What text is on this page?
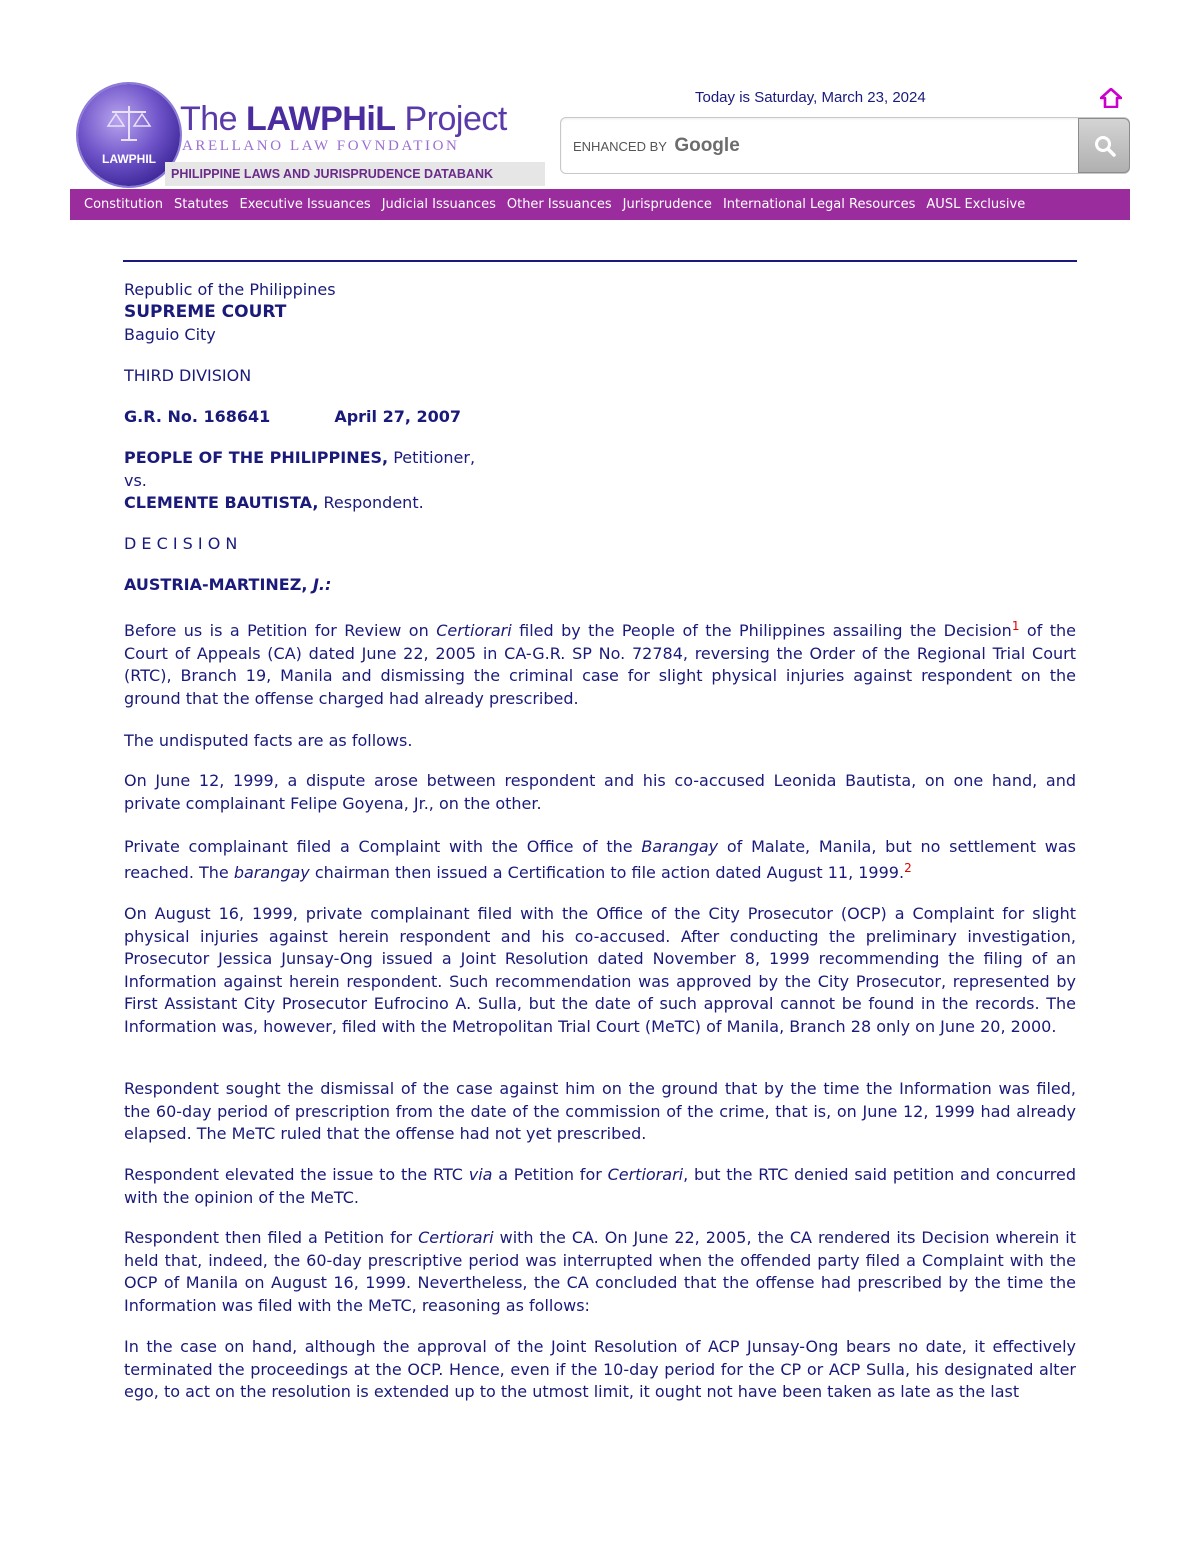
LAWPHIL
The LAWPHiL Project
ARELLANO LAW FOVNDATION
PHILIPPINE LAWS AND JURISPRUDENCE DATABANK
Today is Saturday, March 23, 2024
ENHANCED BY Google
Constitution Statutes Executive Issuances Judicial Issuances Other Issuances Jurisprudence International Legal Resources AUSL Exclusive
Republic of the Philippines
SUPREME COURT
Baguio City
THIRD DIVISION
G.R. No. 168641	April 27, 2007
PEOPLE OF THE PHILIPPINES, Petitioner,
vs.
CLEMENTE BAUTISTA, Respondent.
D E C I S I O N
AUSTRIA-MARTINEZ, J.:

Before us is a Petition for Review on Certiorari filed by the People of the Philippines assailing the Decision$^1$ of the Court of Appeals (CA) dated June 22, 2005 in CA-G.R. SP No. 72784, reversing the Order of the Regional Trial Court (RTC), Branch 19, Manila and dismissing the criminal case for slight physical injuries against respondent on the ground that the offense charged had already prescribed.

The undisputed facts are as follows.

On June 12, 1999, a dispute arose between respondent and his co-accused Leonida Bautista, on one hand, and private complainant Felipe Goyena, Jr., on the other.

Private complainant filed a Complaint with the Office of the Barangay of Malate, Manila, but no settlement was reached. The barangay chairman then issued a Certification to file action dated August 11, 1999.$^2$

On August 16, 1999, private complainant filed with the Office of the City Prosecutor (OCP) a Complaint for slight physical injuries against herein respondent and his co-accused. After conducting the preliminary investigation, Prosecutor Jessica Junsay-Ong issued a Joint Resolution dated November 8, 1999 recommending the filing of an Information against herein respondent. Such recommendation was approved by the City Prosecutor, represented by First Assistant City Prosecutor Eufrocino A. Sulla, but the date of such approval cannot be found in the records. The Information was, however, filed with the Metropolitan Trial Court (MeTC) of Manila, Branch 28 only on June 20, 2000.

Respondent sought the dismissal of the case against him on the ground that by the time the Information was filed, the 60-day period of prescription from the date of the commission of the crime, that is, on June 12, 1999 had already elapsed. The MeTC ruled that the offense had not yet prescribed.

Respondent elevated the issue to the RTC via a Petition for Certiorari, but the RTC denied said petition and concurred with the opinion of the MeTC.

Respondent then filed a Petition for Certiorari with the CA. On June 22, 2005, the CA rendered its Decision wherein it held that, indeed, the 60-day prescriptive period was interrupted when the offended party filed a Complaint with the OCP of Manila on August 16, 1999. Nevertheless, the CA concluded that the offense had prescribed by the time the Information was filed with the MeTC, reasoning as follows:

In the case on hand, although the approval of the Joint Resolution of ACP Junsay-Ong bears no date, it effectively terminated the proceedings at the OCP. Hence, even if the 10-day period for the CP or ACP Sulla, his designated alter ego, to act on the resolution is extended up to the utmost limit, it ought not have been taken as late as the last
